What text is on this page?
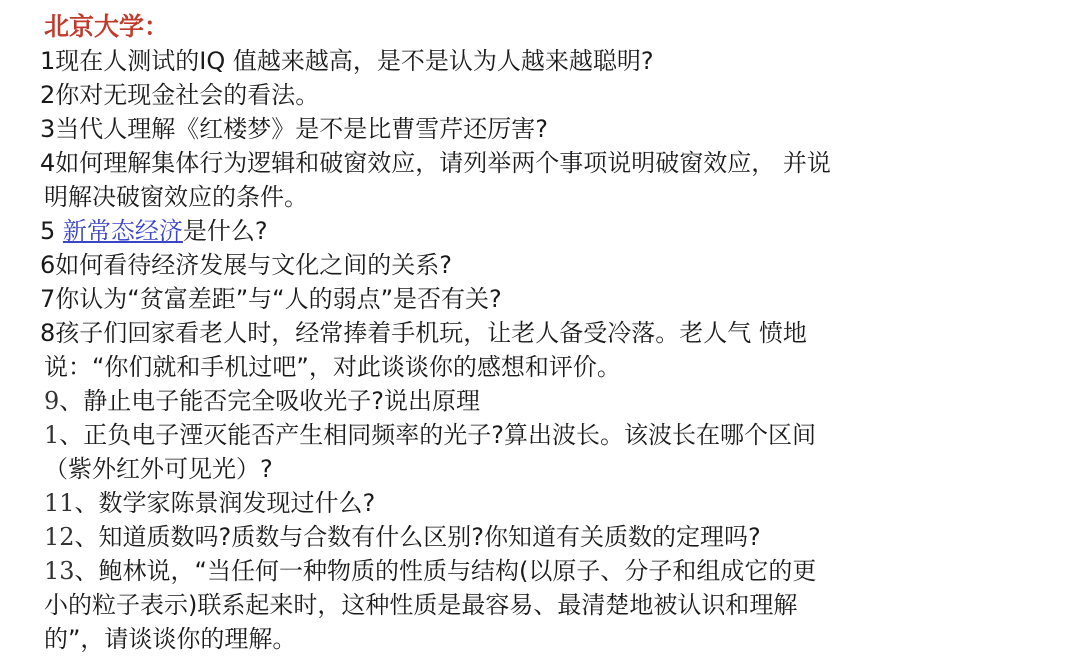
北京大学：

1现在人测试的IQ 值越来越高，是不是认为人越来越聪明?

2你对无现金社会的看法。

3当代人理解《红楼梦》是不是比曹雪芹还厉害?

4如何理解集体行为逻辑和破窗效应，请列举两个事项说明破窗效应， 并说

明解决破窗效应的条件。

5 新常态经济是什么?

6如何看待经济发展与文化之间的关系?

7你认为“贫富差距”与“人的弱点”是否有关?

8孩子们回家看老人时，经常捧着手机玩，让老人备受冷落。老人气 愤地

说：“你们就和手机过吧”，对此谈谈你的感想和评价。

9、静止电子能否完全吸收光子?说出原理

1、正负电子湮灭能否产生相同频率的光子?算出波长。该波长在哪个区间

（紫外红外可见光）?

11、数学家陈景润发现过什么?

12、知道质数吗?质数与合数有什么区别?你知道有关质数的定理吗?

13、鲍林说，“当任何一种物质的性质与结构(以原子、分子和组成它的更

小的粒子表示)联系起来时，这种性质是最容易、最清楚地被认识和理解

的”，请谈谈你的理解。
